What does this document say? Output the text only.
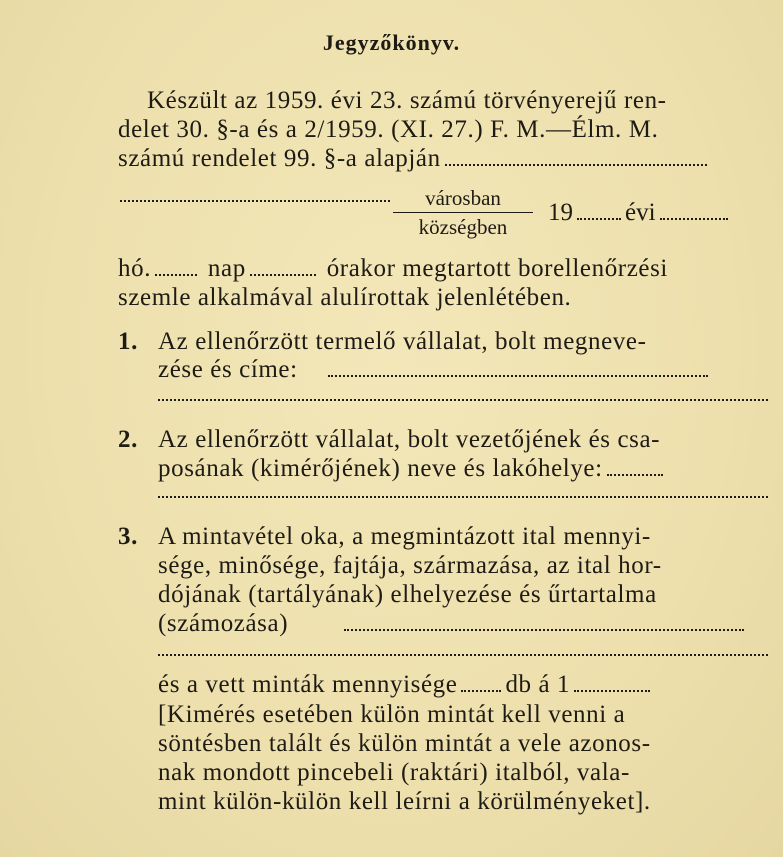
Jegyzőkönyv.
Készült az 1959. évi 23. számú törvényerejű ren-
delet 30. §-a és a 2/1959. (XI. 27.) F. M.—Élm. M.
számú rendelet 99. §-a alapján
városban
községben
19 évi
hó. nap	órakor megtartott borellenőrzési
szemle alkalmával alulírottak jelenlétében.
1. Az ellenőrzött termelő vállalat, bolt megneve-
zése és címe:
2. Az ellenőrzött vállalat, bolt vezetőjének és csa-
posának (kimérőjének) neve és lakóhelye:
3. A mintavétel oka, a megmintázott ital mennyi-
sége, minősége, fajtája, származása, az ital hor-
dójának (tartályának) elhelyezése és űrtartalma
(számozása)
és a vett minták mennyisége db á 1
[Kimérés esetében külön mintát kell venni a
söntésben talált és külön mintát a vele azonos-
nak mondott pincebeli (raktári) italból, vala-
mint külön-külön kell leírni a körülményeket].
